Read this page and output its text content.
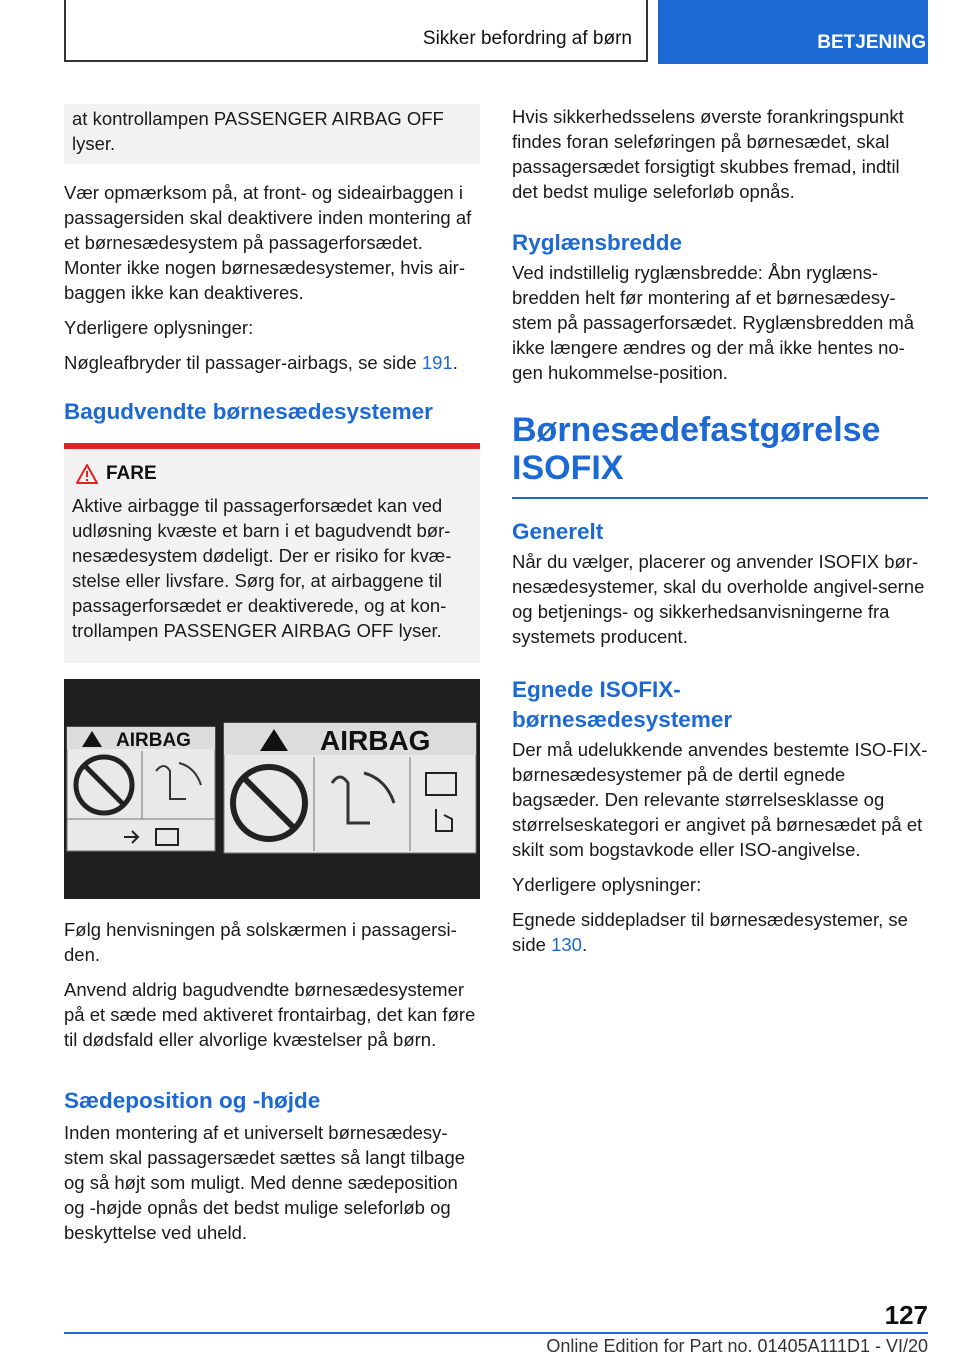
Sikker befordring af børn	BETJENING

at kontrollampen PASSENGER AIRBAG OFF lyser.

Vær opmærksom på, at front- og sideairbaggen i passagersiden skal deaktivere inden montering af et børnesædesystem på passagerforsædet. Monter ikke nogen børnesædesystemer, hvis air-baggen ikke kan deaktiveres.

Yderligere oplysninger:

Nøgleafbryder til passager-airbags, se side 191.

Bagudvendte børnesædesystemer
FARE

Aktive airbagge til passagerforsædet kan ved udløsning kvæste et barn i et bagudvendt bør-nesædesystem dødeligt. Der er risiko for kvæ-stelse eller livsfare. Sørg for, at airbaggene til passagerforsædet er deaktiverede, og at kon-trollampen PASSENGER AIRBAG OFF lyser.

AIRBAG	AIRBAG

Følg henvisningen på solskærmen i passagersi-den.

Anvend aldrig bagudvendte børnesædesystemer på et sæde med aktiveret frontairbag, det kan føre til dødsfald eller alvorlige kvæstelser på børn.

Sædeposition og -højde

Inden montering af et universelt børnesædesy-stem skal passagersædet sættes så langt tilbage og så højt som muligt. Med denne sædeposition og -højde opnås det bedst mulige seleforløb og beskyttelse ved uheld.

Hvis sikkerhedsselens øverste forankringspunkt findes foran seleføringen på børnesædet, skal passagersædet forsigtigt skubbes fremad, indtil det bedst mulige seleforløb opnås.

Ryglænsbredde

Ved indstillelig ryglænsbredde: Åbn ryglæns-bredden helt før montering af et børnesædesy-stem på passagerforsædet. Ryglænsbredden må ikke længere ændres og der må ikke hentes no-gen hukommelse-position.

Børnesædefastgørelse
ISOFIX
Generelt

Når du vælger, placerer og anvender ISOFIX bør-nesædesystemer, skal du overholde angivel-serne og betjenings- og sikkerhedsanvisningerne fra systemets producent.

Egnede ISOFIX-
børnesædesystemer

Der må udelukkende anvendes bestemte ISO-FIX-børnesædesystemer på de dertil egnede bagsæder. Den relevante størrelsesklasse og størrelseskategori er angivet på børnesædet på et skilt som bogstavkode eller ISO-angivelse.

Yderligere oplysninger:

Egnede siddepladser til børnesædesystemer, se side 130.

127
Online Edition for Part no. 01405A111D1 - VI/20
